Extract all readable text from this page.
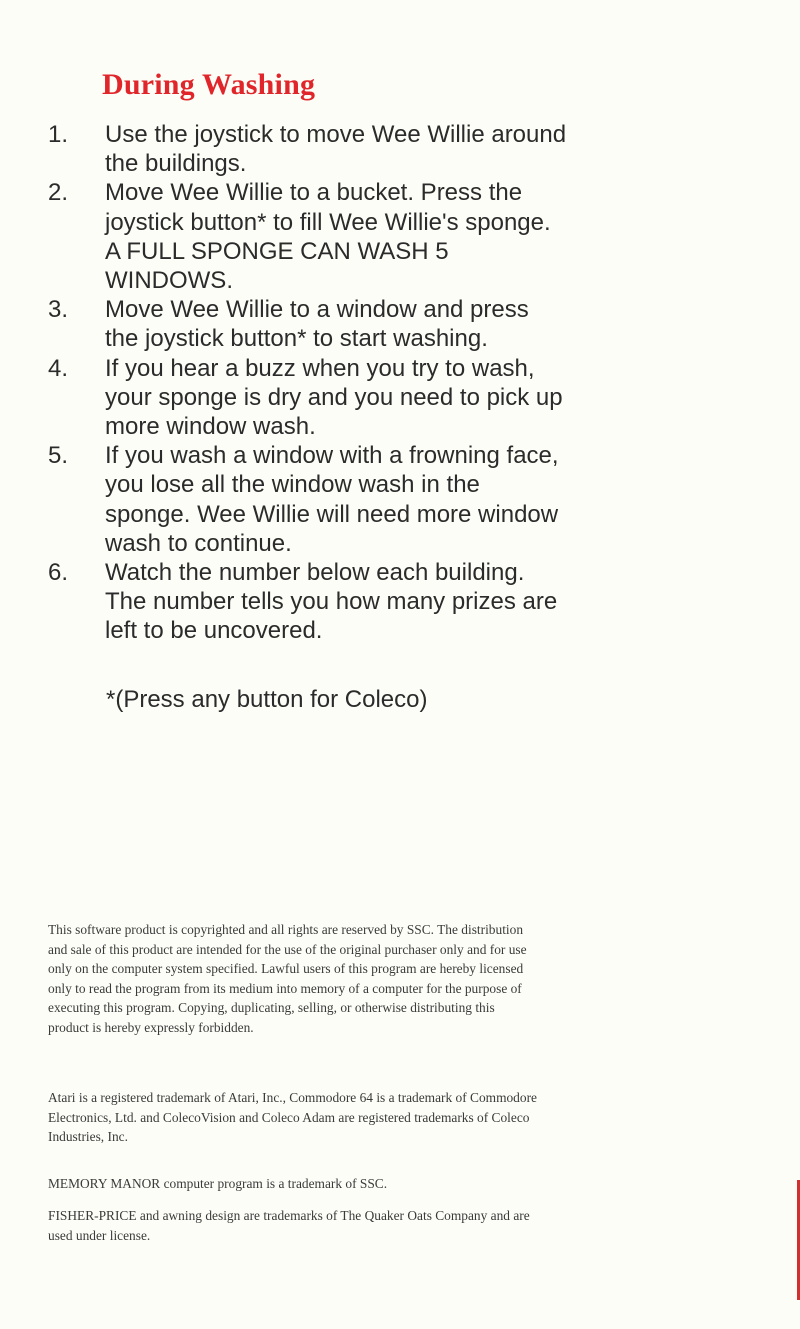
During Washing
1.	Use the joystick to move Wee Willie around the buildings.
2.	Move Wee Willie to a bucket. Press the joystick button* to fill Wee Willie's sponge. A FULL SPONGE CAN WASH 5 WINDOWS.
3.	Move Wee Willie to a window and press the joystick button* to start washing.
4.	If you hear a buzz when you try to wash, your sponge is dry and you need to pick up more window wash.
5.	If you wash a window with a frowning face, you lose all the window wash in the sponge. Wee Willie will need more window wash to continue.
6.	Watch the number below each building. The number tells you how many prizes are left to be uncovered.

*(Press any button for Coleco)

This software product is copyrighted and all rights are reserved by SSC. The distribution and sale of this product are intended for the use of the original purchaser only and for use only on the computer system specified. Lawful users of this program are hereby licensed only to read the program from its medium into memory of a computer for the purpose of executing this program. Copying, duplicating, selling, or otherwise distributing this product is hereby expressly forbidden.

Atari is a registered trademark of Atari, Inc., Commodore 64 is a trademark of Commodore Electronics, Ltd. and ColecoVision and Coleco Adam are registered trademarks of Coleco Industries, Inc.

MEMORY MANOR computer program is a trademark of SSC.

FISHER-PRICE and awning design are trademarks of The Quaker Oats Company and are used under license.
